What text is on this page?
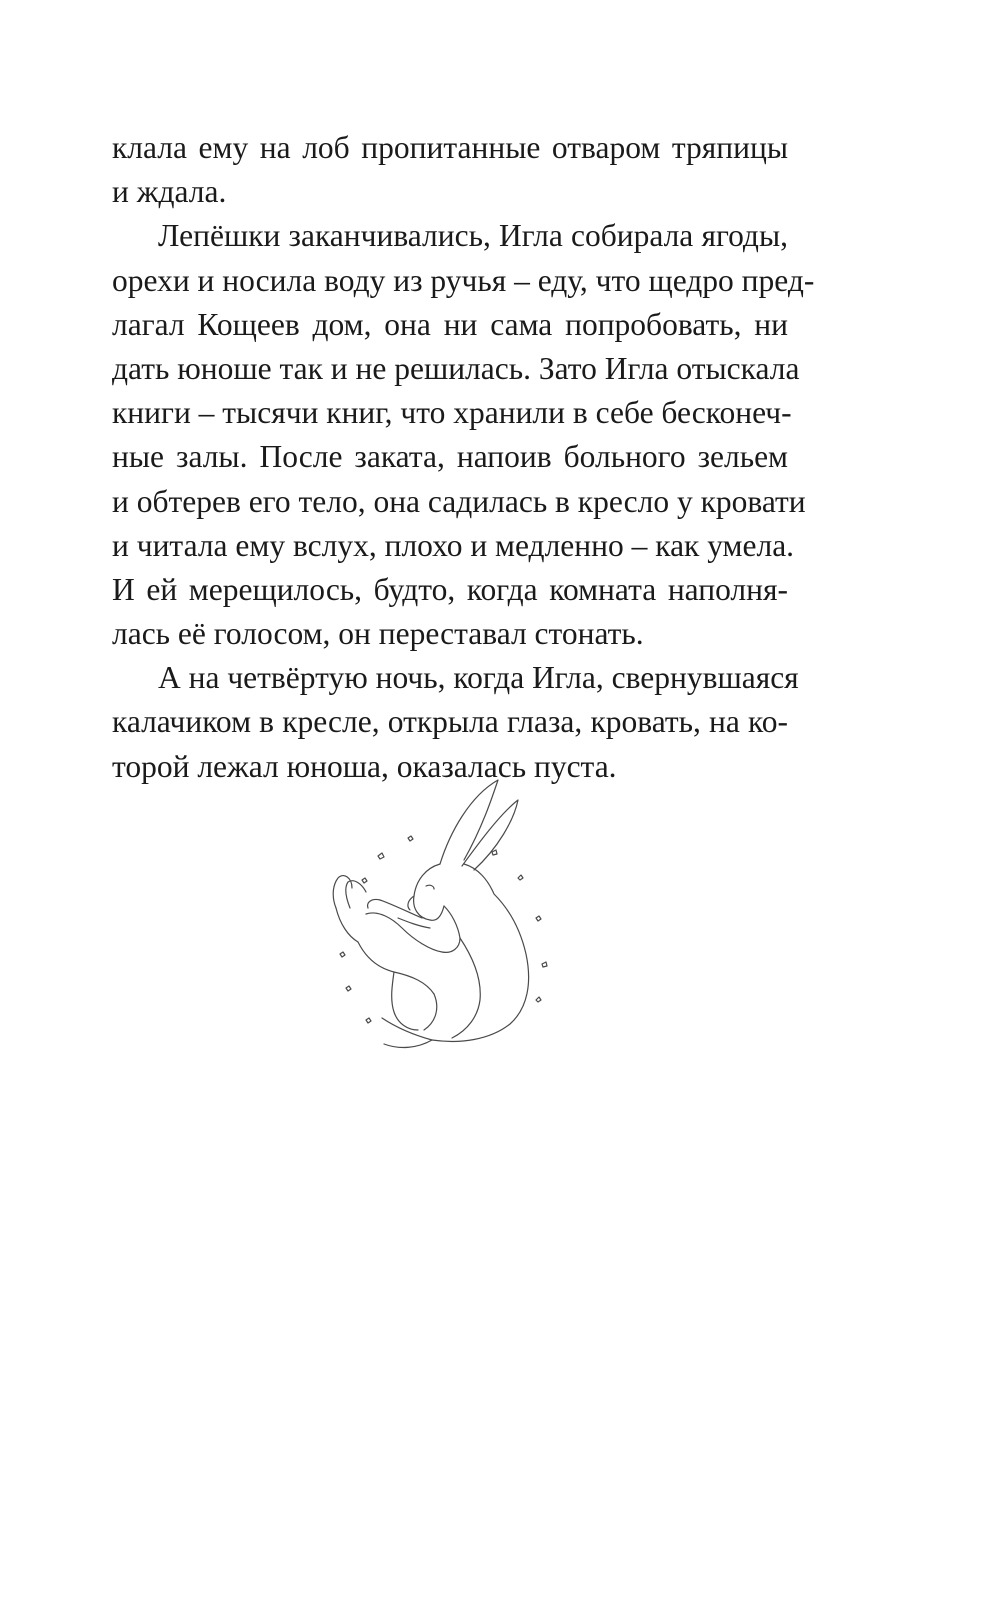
клала ему на лоб пропитанные отваром тряпицы
и ждала.
Лепёшки заканчивались, Игла собирала ягоды,
орехи и носила воду из ручья – еду, что щедро пред-
лагал Кощеев дом, она ни сама попробовать, ни
дать юноше так и не решилась. Зато Игла отыскала
книги – тысячи книг, что хранили в себе бесконеч-
ные залы. После заката, напоив больного зельем
и обтерев его тело, она садилась в кресло у кровати
и читала ему вслух, плохо и медленно – как умела.
И ей мерещилось, будто, когда комната наполня-
лась её голосом, он переставал стонать.
А на четвёртую ночь, когда Игла, свернувшаяся
калачиком в кресле, открыла глаза, кровать, на ко-
торой лежал юноша, оказалась пуста.
